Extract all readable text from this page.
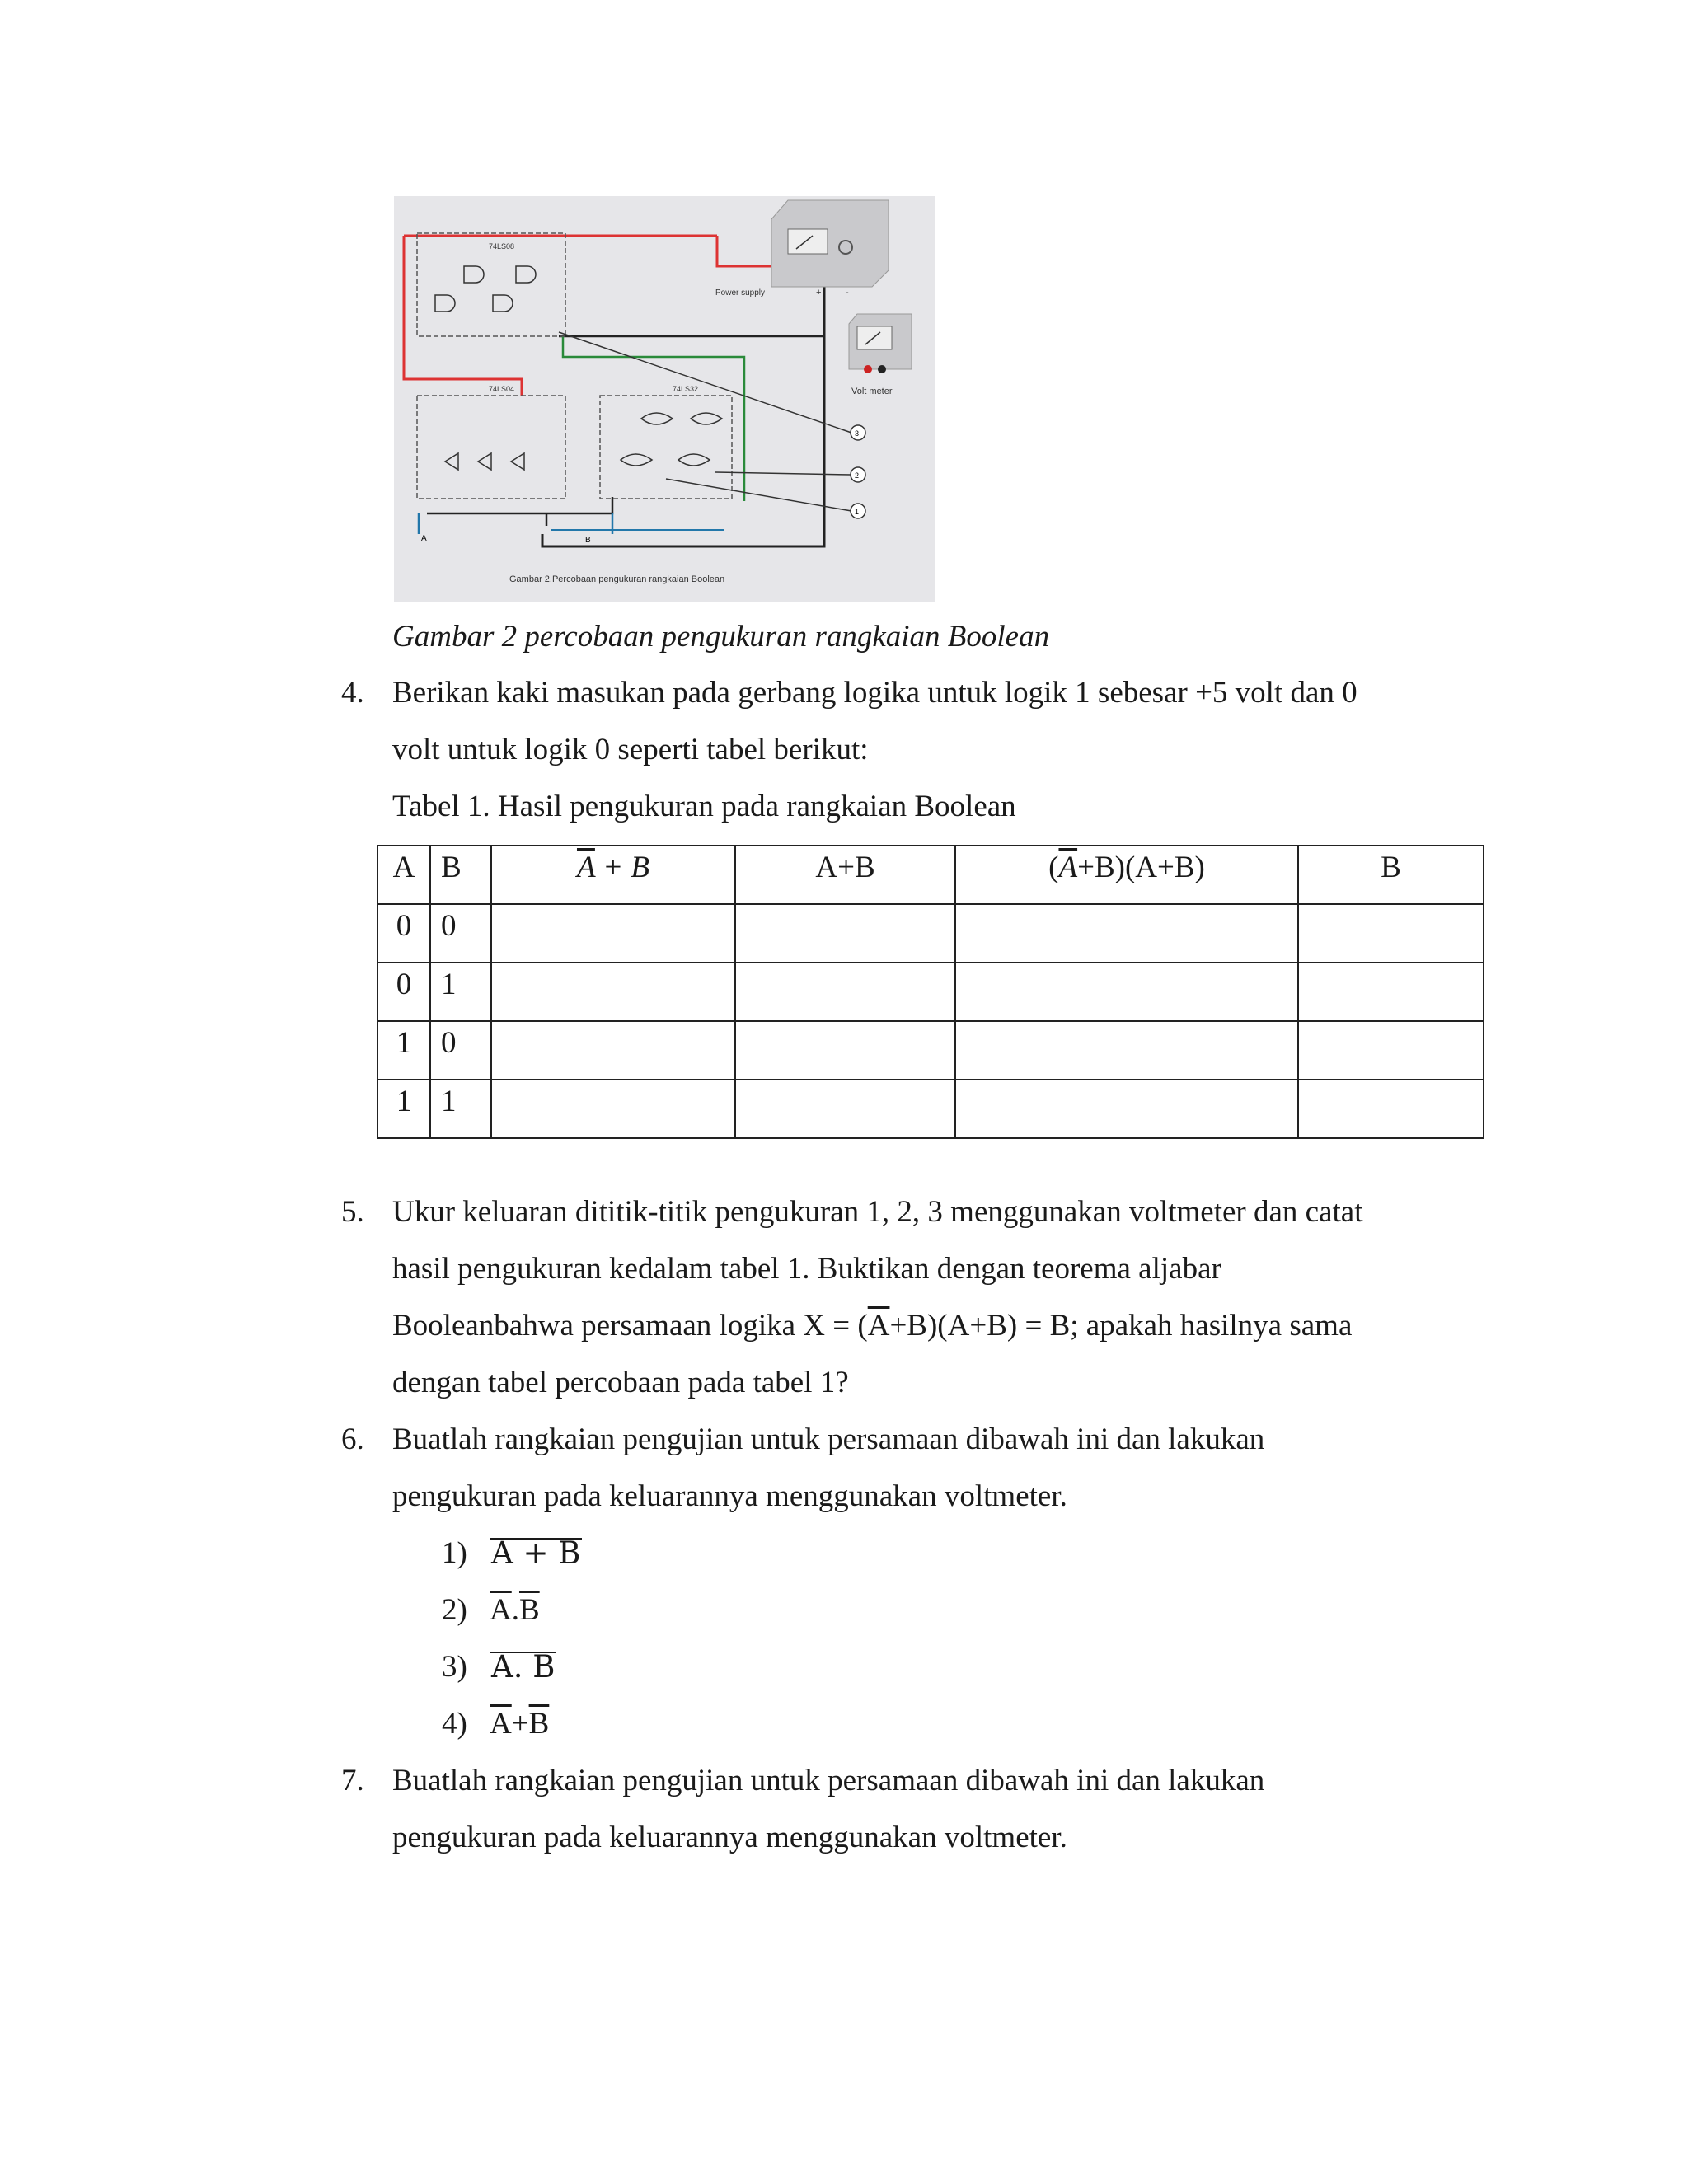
74LS08
74LS04	74LS32
Power supply	+	-
Volt meter
3
2
1
A	B
Gambar 2.Percobaan pengukuran rangkaian Boolean
Gambar 2 percobaan pengukuran rangkaian Boolean
4. Berikan kaki masukan pada gerbang logika untuk logik 1 sebesar +5 volt dan 0
volt untuk logik 0 seperti tabel berikut:
Tabel 1. Hasil pengukuran pada rangkaian Boolean
A	B	$\overline{A} + B$	A+B	$(\overline{A}+B)(A+B)$	B

0	0				

0	1				

1	0				

1	1				

5. Ukur keluaran dititik-titik pengukuran 1, 2, 3 menggunakan voltmeter dan catat
hasil pengukuran kedalam tabel 1. Buktikan dengan teorema aljabar
Booleanbahwa persamaan logika $X = (\overline{A}+B)(A+B) = B$; apakah hasilnya sama
dengan tabel percobaan pada tabel 1?
6. Buatlah rangkaian pengujian untuk persamaan dibawah ini dan lakukan
pengukuran pada keluarannya menggunakan voltmeter.
1) A + B
2) $\overline{A}.\overline{B}$
3) A. B
4) $\overline{A}+\overline{B}$
7. Buatlah rangkaian pengujian untuk persamaan dibawah ini dan lakukan
pengukuran pada keluarannya menggunakan voltmeter.
